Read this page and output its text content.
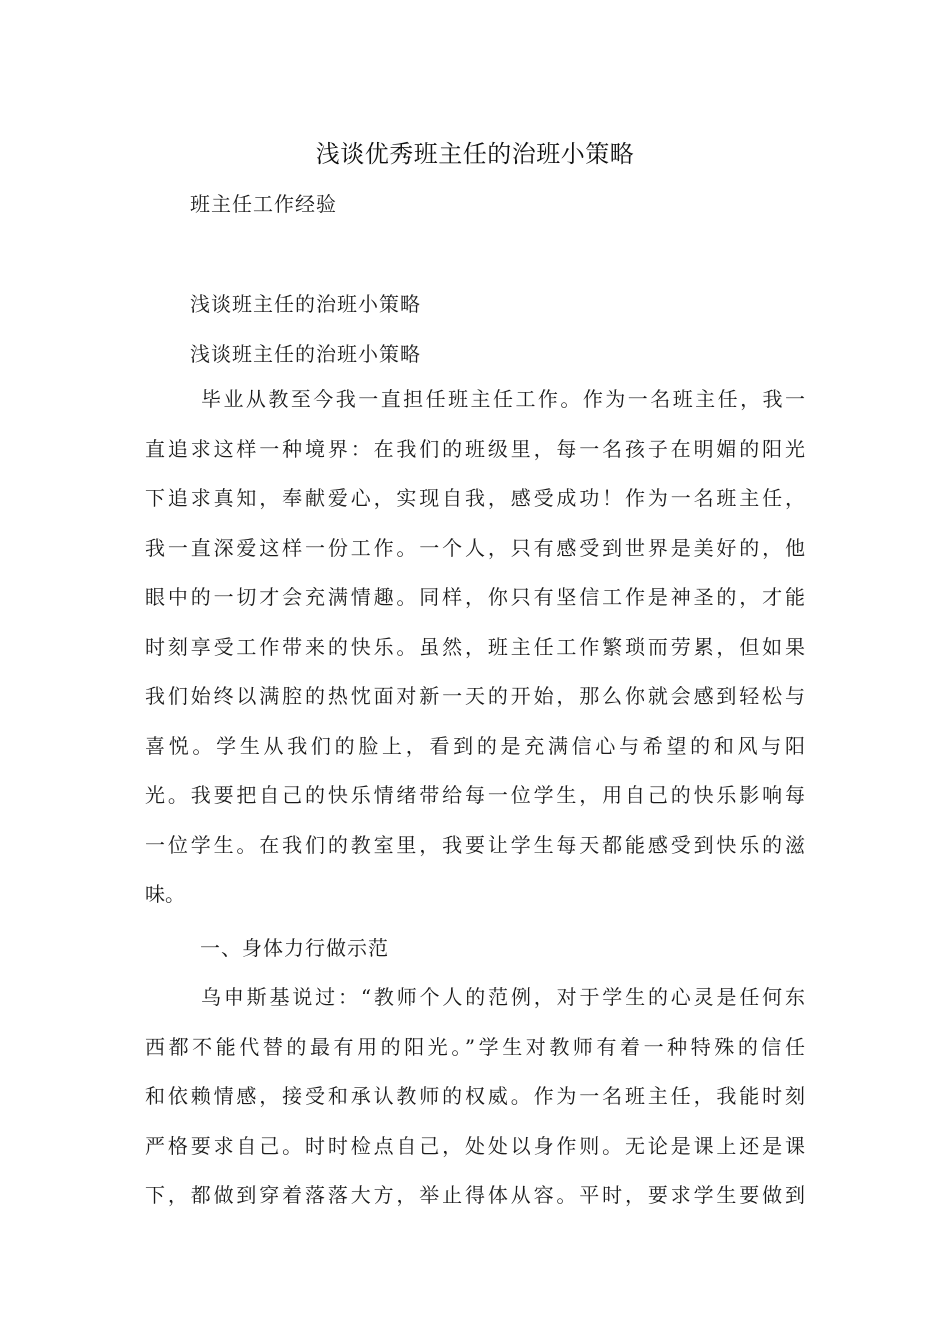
浅谈优秀班主任的治班小策略
班主任工作经验
浅谈班主任的治班小策略
浅谈班主任的治班小策略
毕业从教至今我一直担任班主任工作。作为一名班主任，我一
直追求这样一种境界：在我们的班级里，每一名孩子在明媚的阳光
下追求真知，奉献爱心，实现自我，感受成功！作为一名班主任，
我一直深爱这样一份工作。一个人，只有感受到世界是美好的，他
眼中的一切才会充满情趣。同样，你只有坚信工作是神圣的，才能
时刻享受工作带来的快乐。虽然，班主任工作繁琐而劳累，但如果
我们始终以满腔的热忱面对新一天的开始，那么你就会感到轻松与
喜悦。学生从我们的脸上，看到的是充满信心与希望的和风与阳
光。我要把自己的快乐情绪带给每一位学生，用自己的快乐影响每
一位学生。在我们的教室里，我要让学生每天都能感受到快乐的滋
味。
一、身体力行做示范
乌申斯基说过：“教师个人的范例，对于学生的心灵是任何东
西都不能代替的最有用的阳光。”学生对教师有着一种特殊的信任
和依赖情感，接受和承认教师的权威。作为一名班主任，我能时刻
严格要求自己。时时检点自己，处处以身作则。无论是课上还是课
下，都做到穿着落落大方，举止得体从容。平时，要求学生要做到
